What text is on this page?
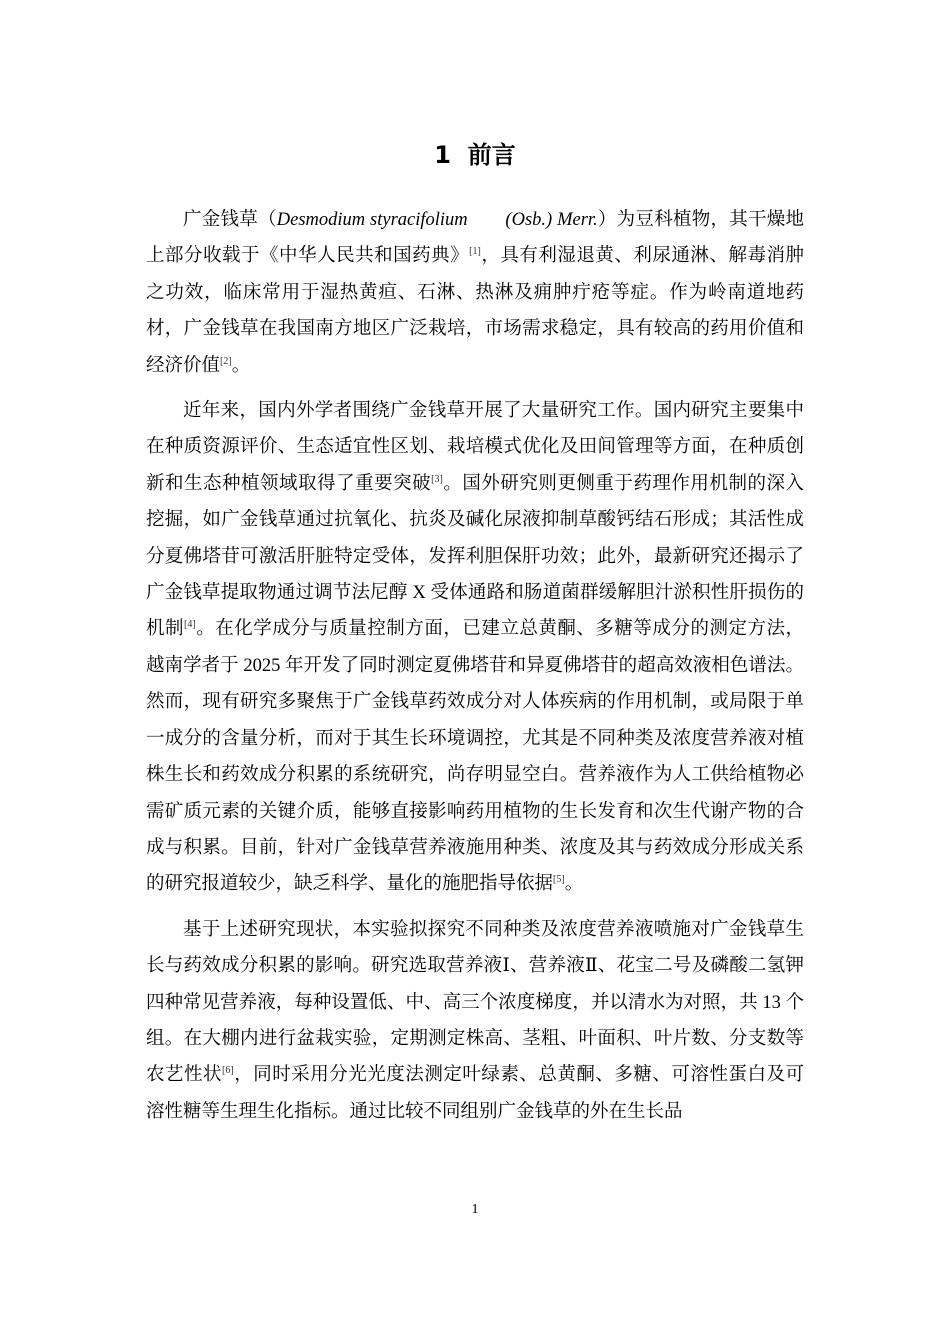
1 前言

广金钱草（Desmodium styracifolium　　(Osb.) Merr.）为豆科植物，其干燥地上部分收载于《中华人民共和国药典》[1]，具有利湿退黄、利尿通淋、解毒消肿之功效，临床常用于湿热黄疸、石淋、热淋及痈肿疔疮等症。作为岭南道地药材，广金钱草在我国南方地区广泛栽培，市场需求稳定，具有较高的药用价值和经济价值[2]。

近年来，国内外学者围绕广金钱草开展了大量研究工作。国内研究主要集中在种质资源评价、生态适宜性区划、栽培模式优化及田间管理等方面，在种质创新和生态种植领域取得了重要突破[3]。国外研究则更侧重于药理作用机制的深入挖掘，如广金钱草通过抗氧化、抗炎及碱化尿液抑制草酸钙结石形成；其活性成分夏佛塔苷可激活肝脏特定受体，发挥利胆保肝功效；此外，最新研究还揭示了广金钱草提取物通过调节法尼醇 X 受体通路和肠道菌群缓解胆汁淤积性肝损伤的机制[4]。在化学成分与质量控制方面，已建立总黄酮、多糖等成分的测定方法，越南学者于 2025 年开发了同时测定夏佛塔苷和异夏佛塔苷的超高效液相色谱法。然而，现有研究多聚焦于广金钱草药效成分对人体疾病的作用机制，或局限于单一成分的含量分析，而对于其生长环境调控，尤其是不同种类及浓度营养液对植株生长和药效成分积累的系统研究，尚存明显空白。营养液作为人工供给植物必需矿质元素的关键介质，能够直接影响药用植物的生长发育和次生代谢产物的合成与积累。目前，针对广金钱草营养液施用种类、浓度及其与药效成分形成关系的研究报道较少，缺乏科学、量化的施肥指导依据[5]。

基于上述研究现状，本实验拟探究不同种类及浓度营养液喷施对广金钱草生长与药效成分积累的影响。研究选取营养液Ⅰ、营养液Ⅱ、花宝二号及磷酸二氢钾四种常见营养液，每种设置低、中、高三个浓度梯度，并以清水为对照，共 13 个组。在大棚内进行盆栽实验，定期测定株高、茎粗、叶面积、叶片数、分支数等农艺性状[6]，同时采用分光光度法测定叶绿素、总黄酮、多糖、可溶性蛋白及可溶性糖等生理生化指标。通过比较不同组别广金钱草的外在生长品

1
